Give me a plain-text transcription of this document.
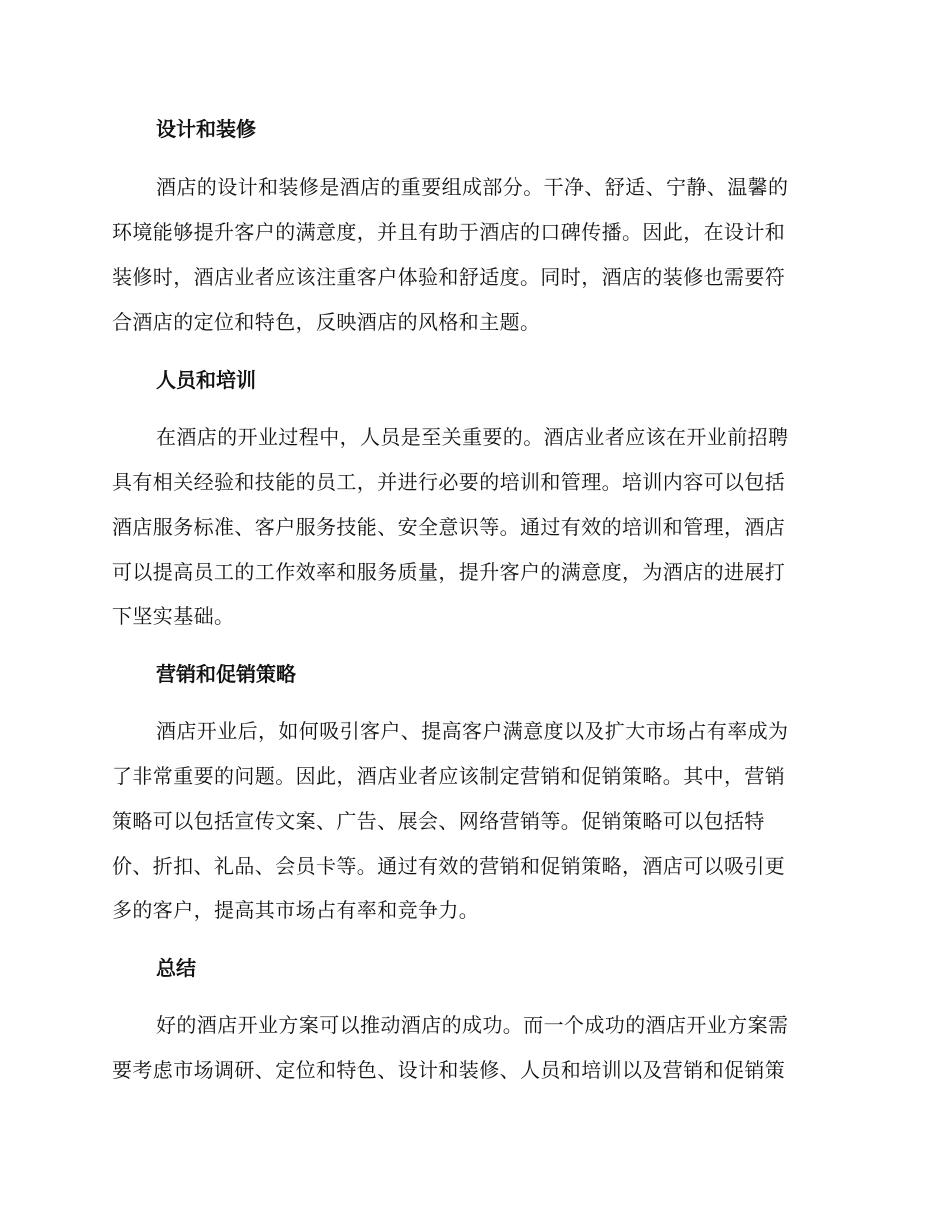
设计和装修
酒店的设计和装修是酒店的重要组成部分。干净、舒适、宁静、温馨的
环境能够提升客户的满意度，并且有助于酒店的口碑传播。因此，在设计和
装修时，酒店业者应该注重客户体验和舒适度。同时，酒店的装修也需要符
合酒店的定位和特色，反映酒店的风格和主题。
人员和培训
在酒店的开业过程中，人员是至关重要的。酒店业者应该在开业前招聘
具有相关经验和技能的员工，并进行必要的培训和管理。培训内容可以包括
酒店服务标准、客户服务技能、安全意识等。通过有效的培训和管理，酒店
可以提高员工的工作效率和服务质量，提升客户的满意度，为酒店的进展打
下坚实基础。
营销和促销策略
酒店开业后，如何吸引客户、提高客户满意度以及扩大市场占有率成为
了非常重要的问题。因此，酒店业者应该制定营销和促销策略。其中，营销
策略可以包括宣传文案、广告、展会、网络营销等。促销策略可以包括特
价、折扣、礼品、会员卡等。通过有效的营销和促销策略，酒店可以吸引更
多的客户，提高其市场占有率和竞争力。
总结
好的酒店开业方案可以推动酒店的成功。而一个成功的酒店开业方案需
要考虑市场调研、定位和特色、设计和装修、人员和培训以及营销和促销策
